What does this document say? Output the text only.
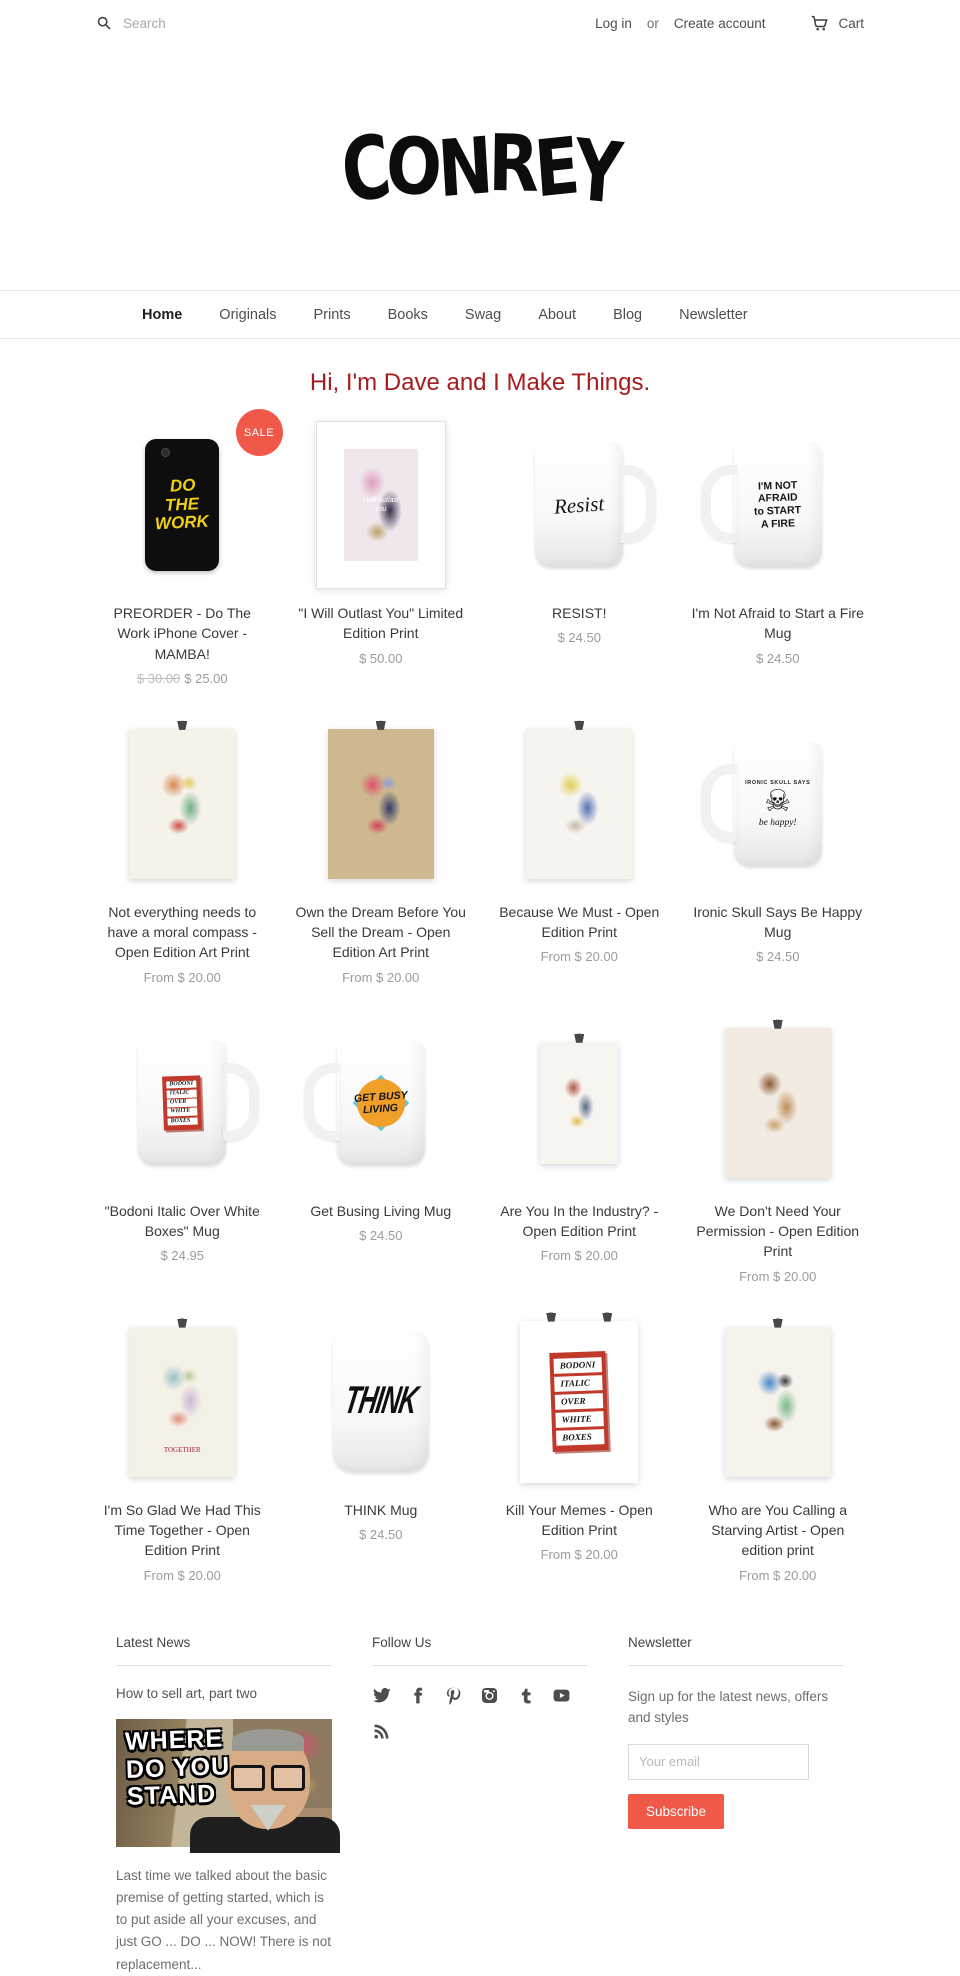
Search
Log in or Create account	Cart
CONREY
Home	Originals	Prints	Books	Swag	About	Blog	Newsletter
Hi, I'm Dave and I Make Things.
DO
THE
WORK
SALE
PREORDER - Do The Work iPhone Cover - MAMBA!
$ 30.00 $ 25.00
I will outlast you
"I Will Outlast You" Limited Edition Print
$ 50.00
Resist
RESIST!
$ 24.50
I'M NOT
AFRAID
to START
A FIRE
I'm Not Afraid to Start a Fire Mug
$ 24.50
Not everything needs to have a moral compass - Open Edition Art Print
From $ 20.00
Own the Dream Before You Sell the Dream - Open Edition Art Print
From $ 20.00
Because We Must - Open Edition Print
From $ 20.00
IRONIC SKULL SAYS
☠
be happy!
Ironic Skull Says Be Happy Mug
$ 24.50
BODONI
ITALIC
OVER
WHITE
BOXES
"Bodoni Italic Over White Boxes" Mug
$ 24.95
GET BUSY
LIVING
Get Busing Living Mug
$ 24.50
Are You In the Industry? - Open Edition Print
From $ 20.00
We Don't Need Your Permission - Open Edition Print
From $ 20.00
TOGETHER
I'm So Glad We Had This Time Together - Open Edition Print
From $ 20.00
THINK
THINK Mug
$ 24.50
BODONI
ITALIC
OVER
WHITE
BOXES
Kill Your Memes - Open Edition Print
From $ 20.00
Who are You Calling a Starving Artist - Open edition print
From $ 20.00
Latest News
How to sell art, part two
WHERE
DO YOU
STAND
Last time we talked about the basic premise of getting started, which is to put aside all your excuses, and just GO ... DO ... NOW! There is not replacement...
Follow Us	Newsletter
Sign up for the latest news, offers and styles
Your email
Subscribe
